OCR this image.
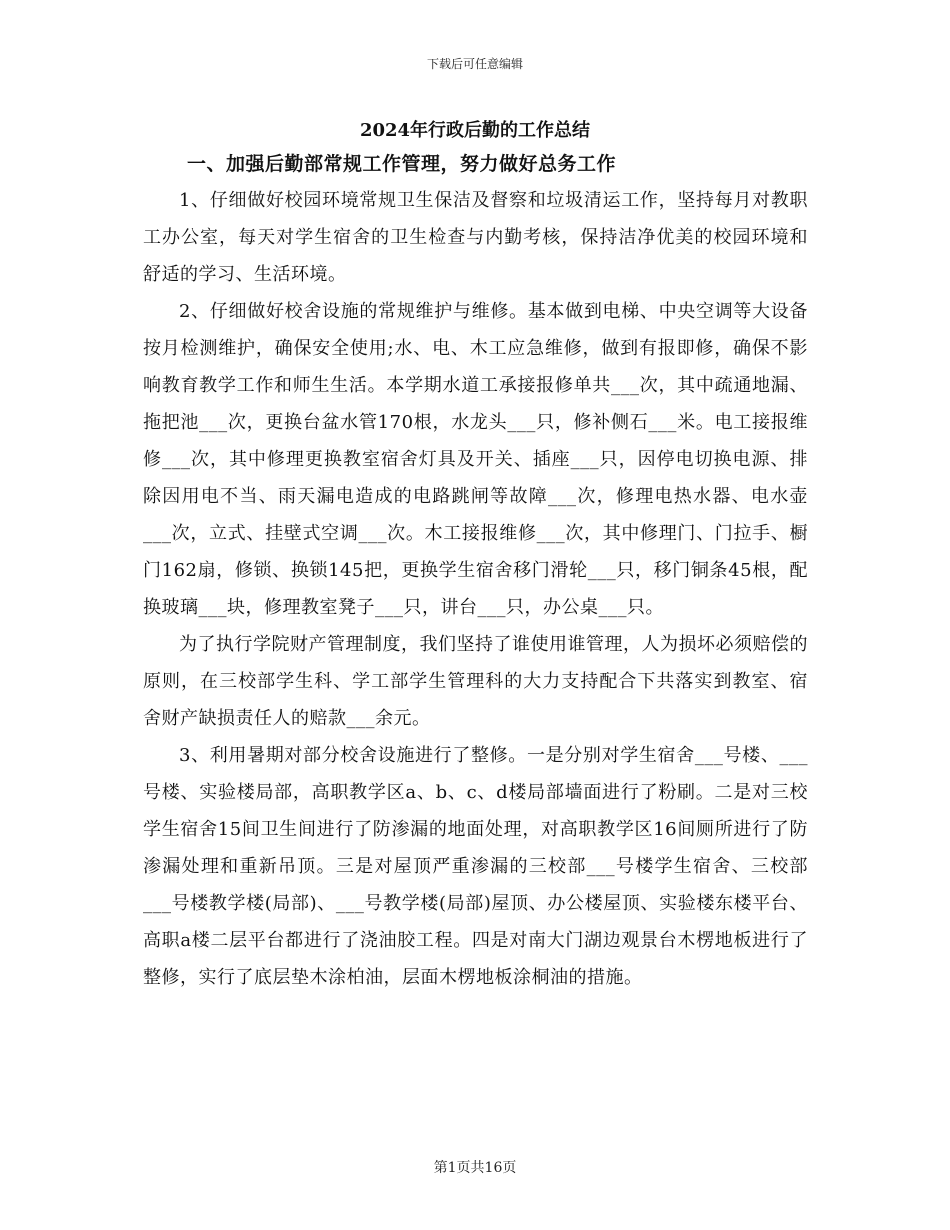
下载后可任意编辑
2024年行政后勤的工作总结
一、加强后勤部常规工作管理，努力做好总务工作

1、仔细做好校园环境常规卫生保洁及督察和垃圾清运工作，坚持每月对教职工办公室，每天对学生宿舍的卫生检查与内勤考核，保持洁净优美的校园环境和舒适的学习、生活环境。

2、仔细做好校舍设施的常规维护与维修。基本做到电梯、中央空调等大设备按月检测维护，确保安全使用;水、电、木工应急维修，做到有报即修，确保不影响教育教学工作和师生生活。本学期水道工承接报修单共___次，其中疏通地漏、拖把池___次，更换台盆水管170根，水龙头___只，修补侧石___米。电工接报维修___次，其中修理更换教室宿舍灯具及开关、插座___只，因停电切换电源、排除因用电不当、雨天漏电造成的电路跳闸等故障___次，修理电热水器、电水壶___次，立式、挂壁式空调___次。木工接报维修___次，其中修理门、门拉手、橱门162扇，修锁、换锁145把，更换学生宿舍移门滑轮___只，移门铜条45根，配换玻璃___块，修理教室凳子___只，讲台___只，办公桌___只。

为了执行学院财产管理制度，我们坚持了谁使用谁管理，人为损坏必须赔偿的原则，在三校部学生科、学工部学生管理科的大力支持配合下共落实到教室、宿舍财产缺损责任人的赔款___余元。

3、利用暑期对部分校舍设施进行了整修。一是分别对学生宿舍___号楼、___号楼、实验楼局部，高职教学区a、b、c、d楼局部墙面进行了粉刷。二是对三校学生宿舍15间卫生间进行了防渗漏的地面处理，对高职教学区16间厕所进行了防渗漏处理和重新吊顶。三是对屋顶严重渗漏的三校部___号楼学生宿舍、三校部___号楼教学楼(局部)、___号教学楼(局部)屋顶、办公楼屋顶、实验楼东楼平台、高职a楼二层平台都进行了浇油胶工程。四是对南大门湖边观景台木楞地板进行了整修，实行了底层垫木涂柏油，层面木楞地板涂桐油的措施。

第1页共16页
